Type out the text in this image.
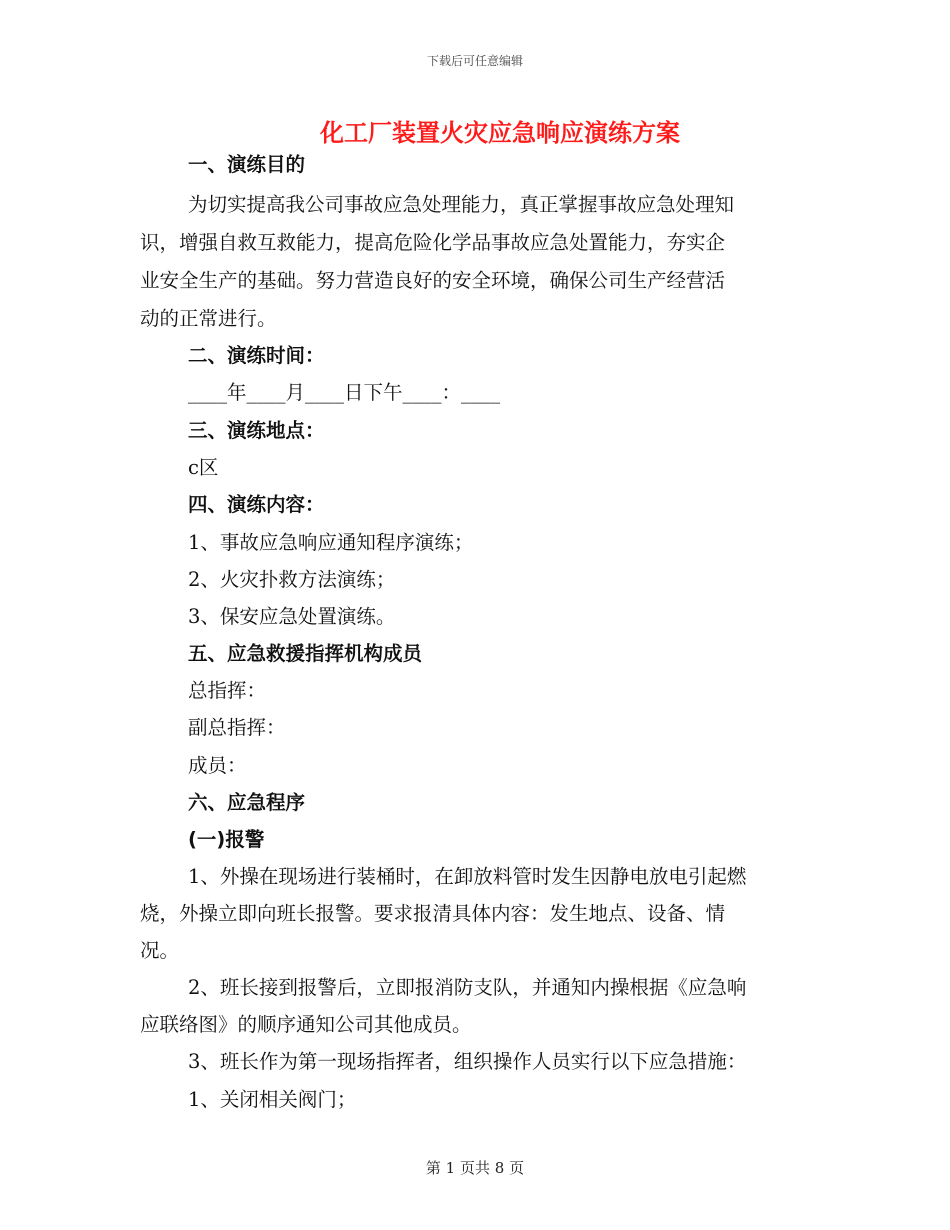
下载后可任意编辑
化工厂装置火灾应急响应演练方案
一、演练目的
为切实提高我公司事故应急处理能力，真正掌握事故应急处理知
识，增强自救互救能力，提高危险化学品事故应急处置能力，夯实企
业安全生产的基础。努力营造良好的安全环境，确保公司生产经营活
动的正常进行。
二、演练时间：
____年____月____日下午____：____
三、演练地点：
c区
四、演练内容：
1、事故应急响应通知程序演练；
2、火灾扑救方法演练；
3、保安应急处置演练。
五、应急救援指挥机构成员
总指挥：
副总指挥：
成员：
六、应急程序
(一)报警
1、外操在现场进行装桶时，在卸放料管时发生因静电放电引起燃
烧，外操立即向班长报警。要求报清具体内容：发生地点、设备、情
况。
2、班长接到报警后，立即报消防支队，并通知内操根据《应急响
应联络图》的顺序通知公司其他成员。
3、班长作为第一现场指挥者，组织操作人员实行以下应急措施：
1、关闭相关阀门；
第 1 页共 8 页
